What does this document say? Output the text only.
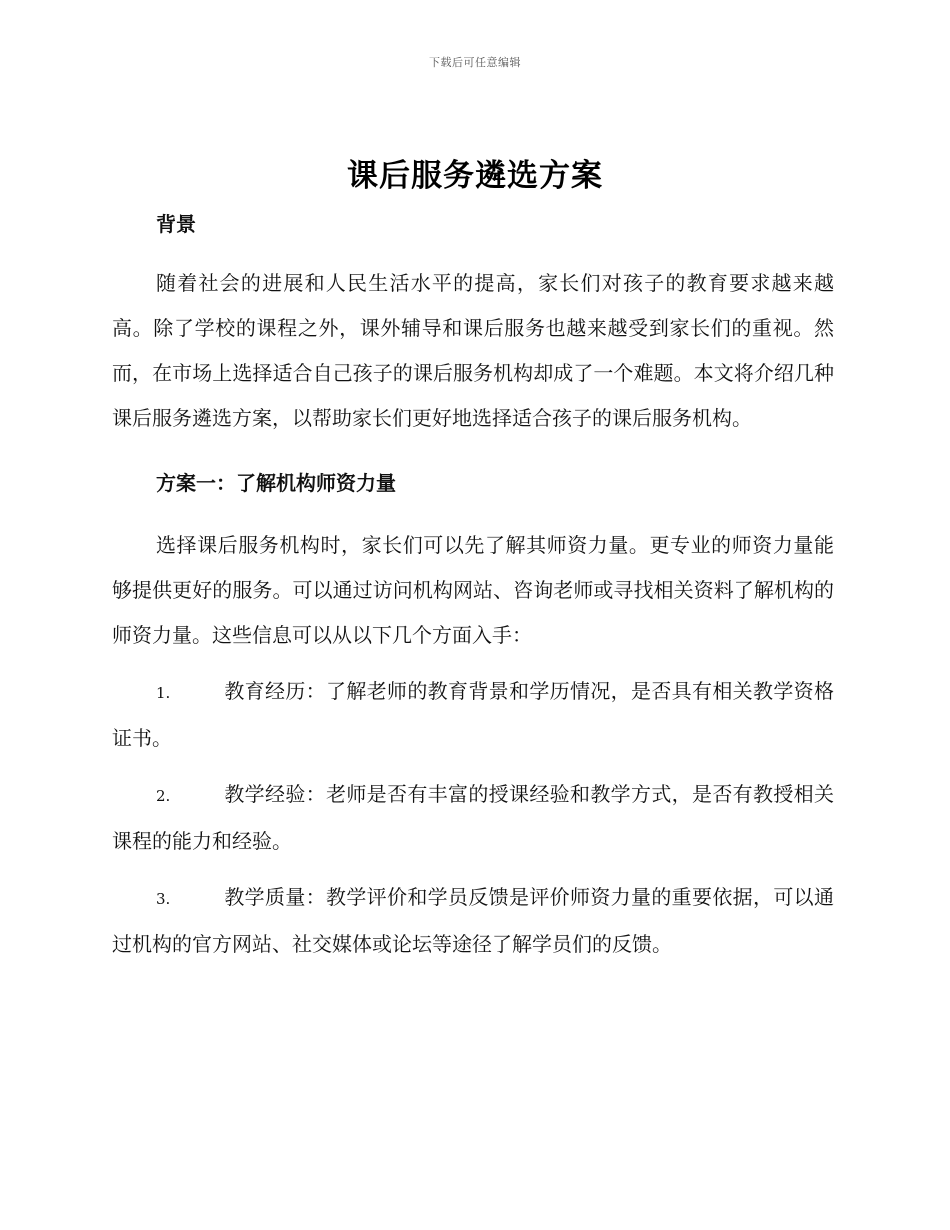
下载后可任意编辑
课后服务遴选方案
背景

随着社会的进展和人民生活水平的提高，家长们对孩子的教育要求越来越高。除了学校的课程之外，课外辅导和课后服务也越来越受到家长们的重视。然而，在市场上选择适合自己孩子的课后服务机构却成了一个难题。本文将介绍几种课后服务遴选方案，以帮助家长们更好地选择适合孩子的课后服务机构。

方案一：了解机构师资力量

选择课后服务机构时，家长们可以先了解其师资力量。更专业的师资力量能够提供更好的服务。可以通过访问机构网站、咨询老师或寻找相关资料了解机构的师资力量。这些信息可以从以下几个方面入手：

1.	教育经历：了解老师的教育背景和学历情况，是否具有相关教学资格证书。

2.	教学经验：老师是否有丰富的授课经验和教学方式，是否有教授相关课程的能力和经验。

3.	教学质量：教学评价和学员反馈是评价师资力量的重要依据，可以通过机构的官方网站、社交媒体或论坛等途径了解学员们的反馈。
